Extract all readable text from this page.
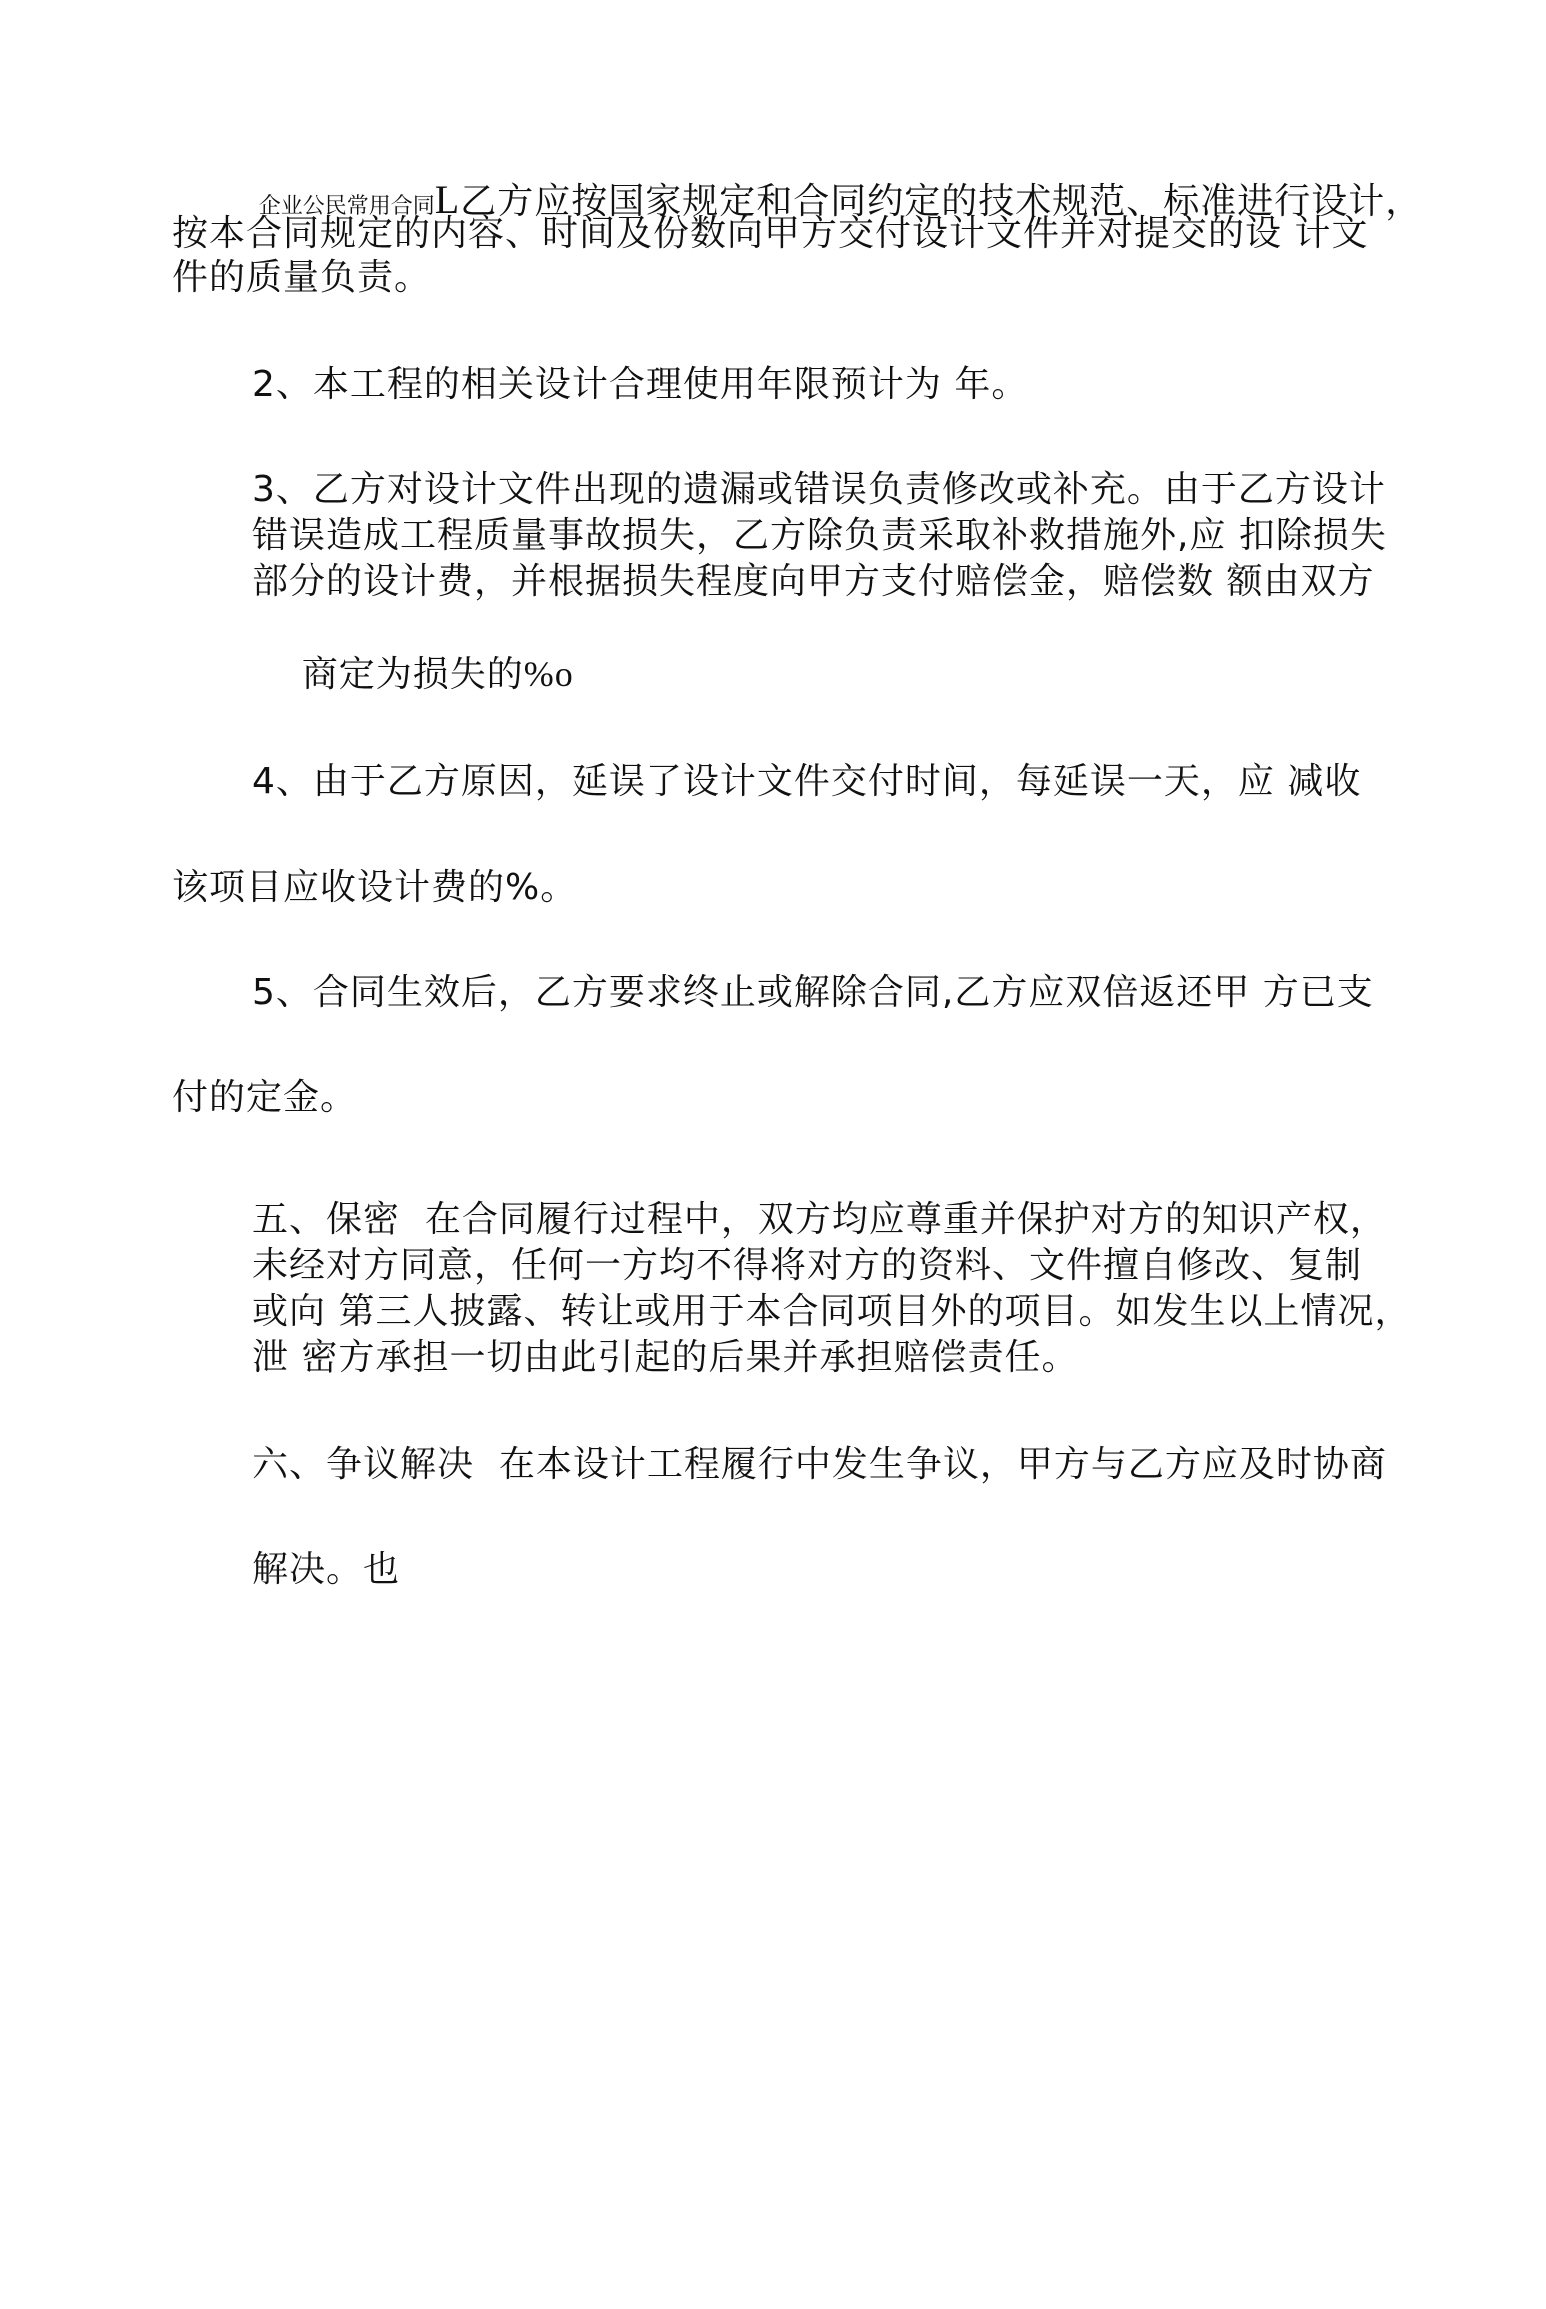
企业公民常用合同L乙方应按国家规定和合同约定的技术规范、标准进行设计，

按本合同规定的内容、时间及份数向甲方交付设计文件并对提交的设 计文
件的质量负责。
2、本工程的相关设计合理使用年限预计为 年。
3、乙方对设计文件出现的遗漏或错误负责修改或补充。由于乙方设计
错误造成工程质量事故损失，乙方除负责采取补救措施外,应 扣除损失
部分的设计费，并根据损失程度向甲方支付赔偿金，赔偿数 额由双方

商定为损失的%o

4、由于乙方原因，延误了设计文件交付时间，每延误一天，应 减收
该项目应收设计费的%。
5、合同生效后，乙方要求终止或解除合同,乙方应双倍返还甲 方已支
付的定金。
五、保密  在合同履行过程中，双方均应尊重并保护对方的知识产权，
未经对方同意，任何一方均不得将对方的资料、文件擅自修改、复制
或向 第三人披露、转让或用于本合同项目外的项目。如发生以上情况，
泄 密方承担一切由此引起的后果并承担赔偿责任。
六、争议解决  在本设计工程履行中发生争议，甲方与乙方应及时协商
解决。也
